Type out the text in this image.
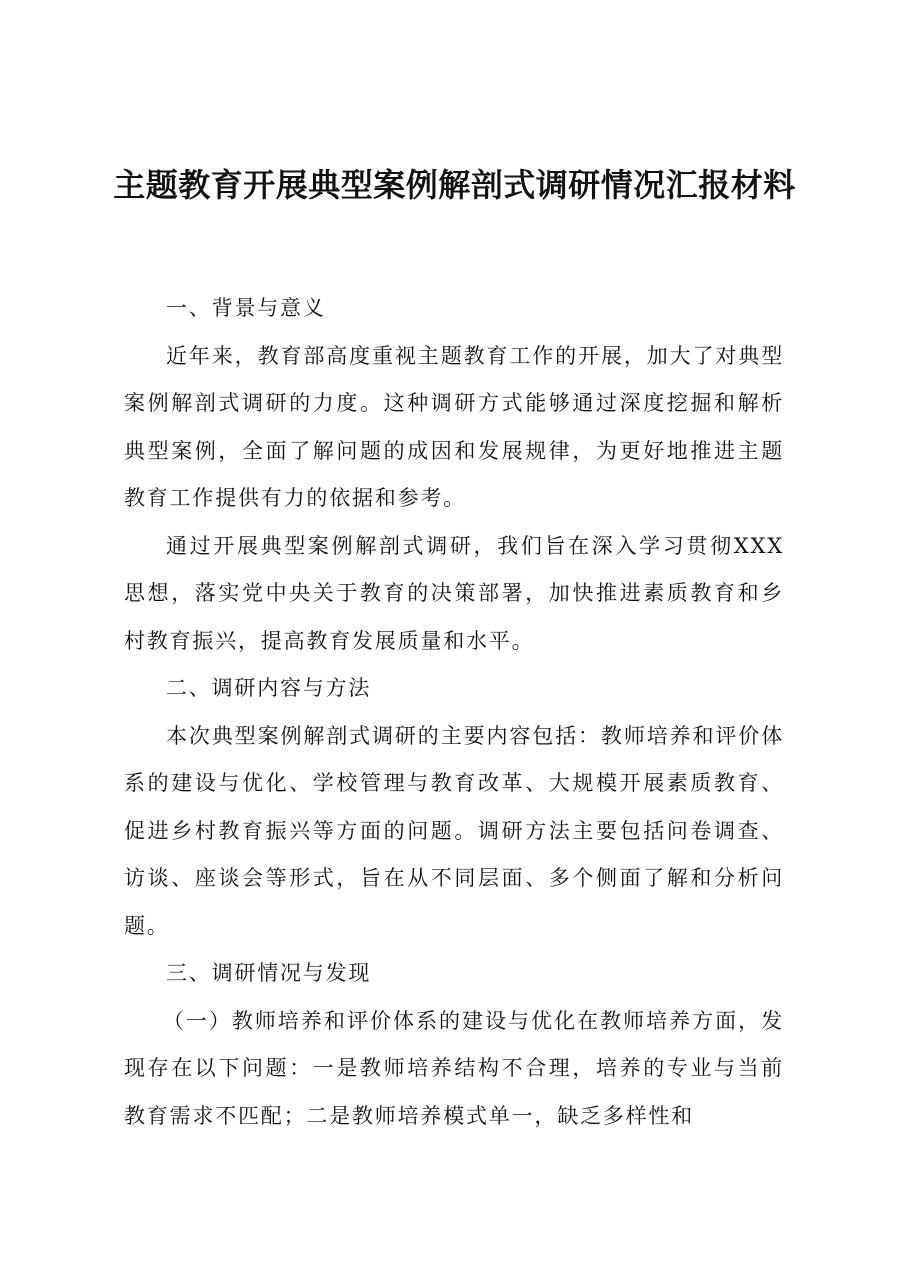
主题教育开展典型案例解剖式调研情况汇报材料

一、背景与意义

近年来，教育部高度重视主题教育工作的开展，加大了对典型案例解剖式调研的力度。这种调研方式能够通过深度挖掘和解析典型案例，全面了解问题的成因和发展规律，为更好地推进主题教育工作提供有力的依据和参考。

通过开展典型案例解剖式调研，我们旨在深入学习贯彻XXX思想，落实党中央关于教育的决策部署，加快推进素质教育和乡村教育振兴，提高教育发展质量和水平。

二、调研内容与方法

本次典型案例解剖式调研的主要内容包括：教师培养和评价体系的建设与优化、学校管理与教育改革、大规模开展素质教育、促进乡村教育振兴等方面的问题。调研方法主要包括问卷调查、访谈、座谈会等形式，旨在从不同层面、多个侧面了解和分析问题。

三、调研情况与发现

（一）教师培养和评价体系的建设与优化在教师培养方面，发现存在以下问题：一是教师培养结构不合理，培养的专业与当前教育需求不匹配；二是教师培养模式单一，缺乏多样性和
